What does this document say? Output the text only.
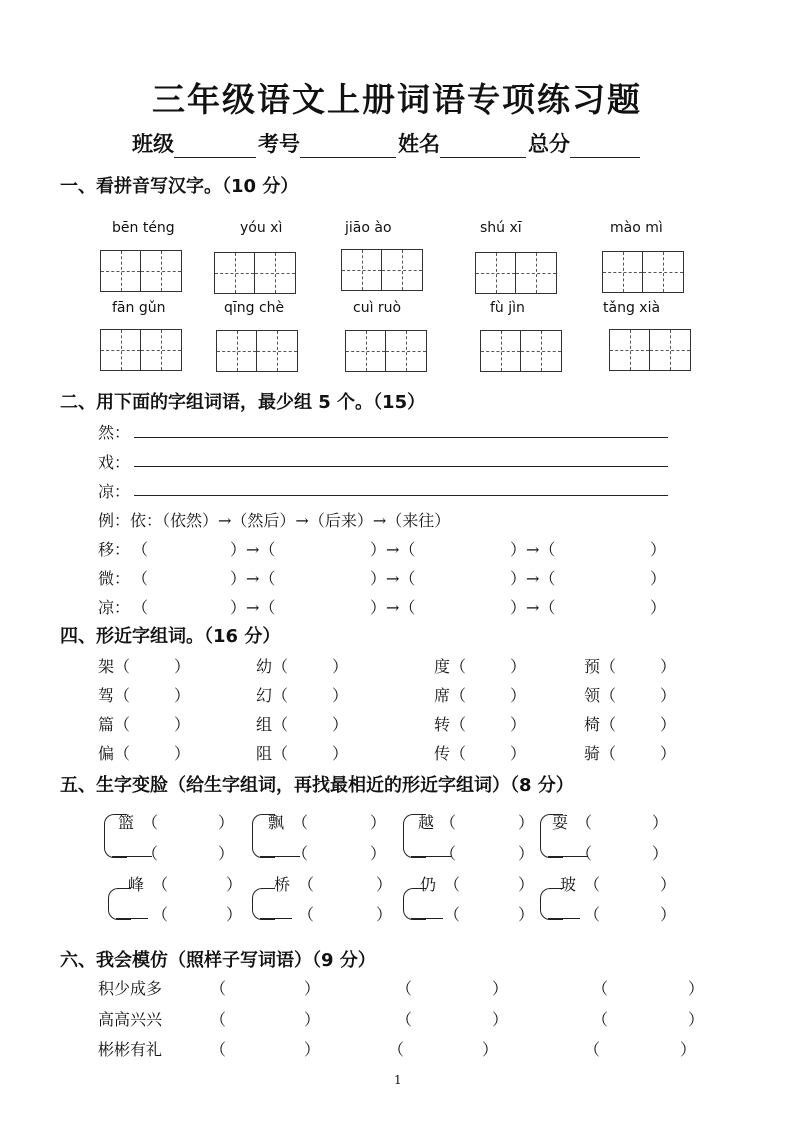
三年级语文上册词语专项练习题
班级	考号	姓名	总分
一、看拼音写汉字。（10 分）
bēn téng	yóu xì	jiāo ào	shú xī	mào mì
fān gǔn	qīng chè	cuì ruò	fù jìn	tǎng xià
二、用下面的字组词语，最少组 5 个。（15）
然：
戏：
凉：
例：依：（依然）→（然后）→（后来）→（来往）
移： （	）→（	）→（	）→（	）
微： （	）→（	）→（	）→（	）
凉： （	）→（	）→（	）→（	）
四、形近字组词。（16 分）
架（	）	幼（	）	度（	）	预（	）
驾（	）	幻（	）	席（	）	领（	）
篇（	）	组（	）	转（	）	椅（	）
偏（	）	阻（	）	传（	）	骑（	）
五、生字变脸（给生字组词，再找最相近的形近字组词）（8 分）
篮 （	）
（	）
飘 （	）
（	）
越 （	）
（	）
耍 （	）
（	）
峰 （	）
（	）
桥 （	）
（	）
仍 （	）
（	）
玻 （	）
（	）
六、我会模仿（照样子写词语）（9 分）
积少成多	（	）	（	）	（	）
高高兴兴	（	）	（	）	（	）
彬彬有礼	（	）	（	）	（	）
1
